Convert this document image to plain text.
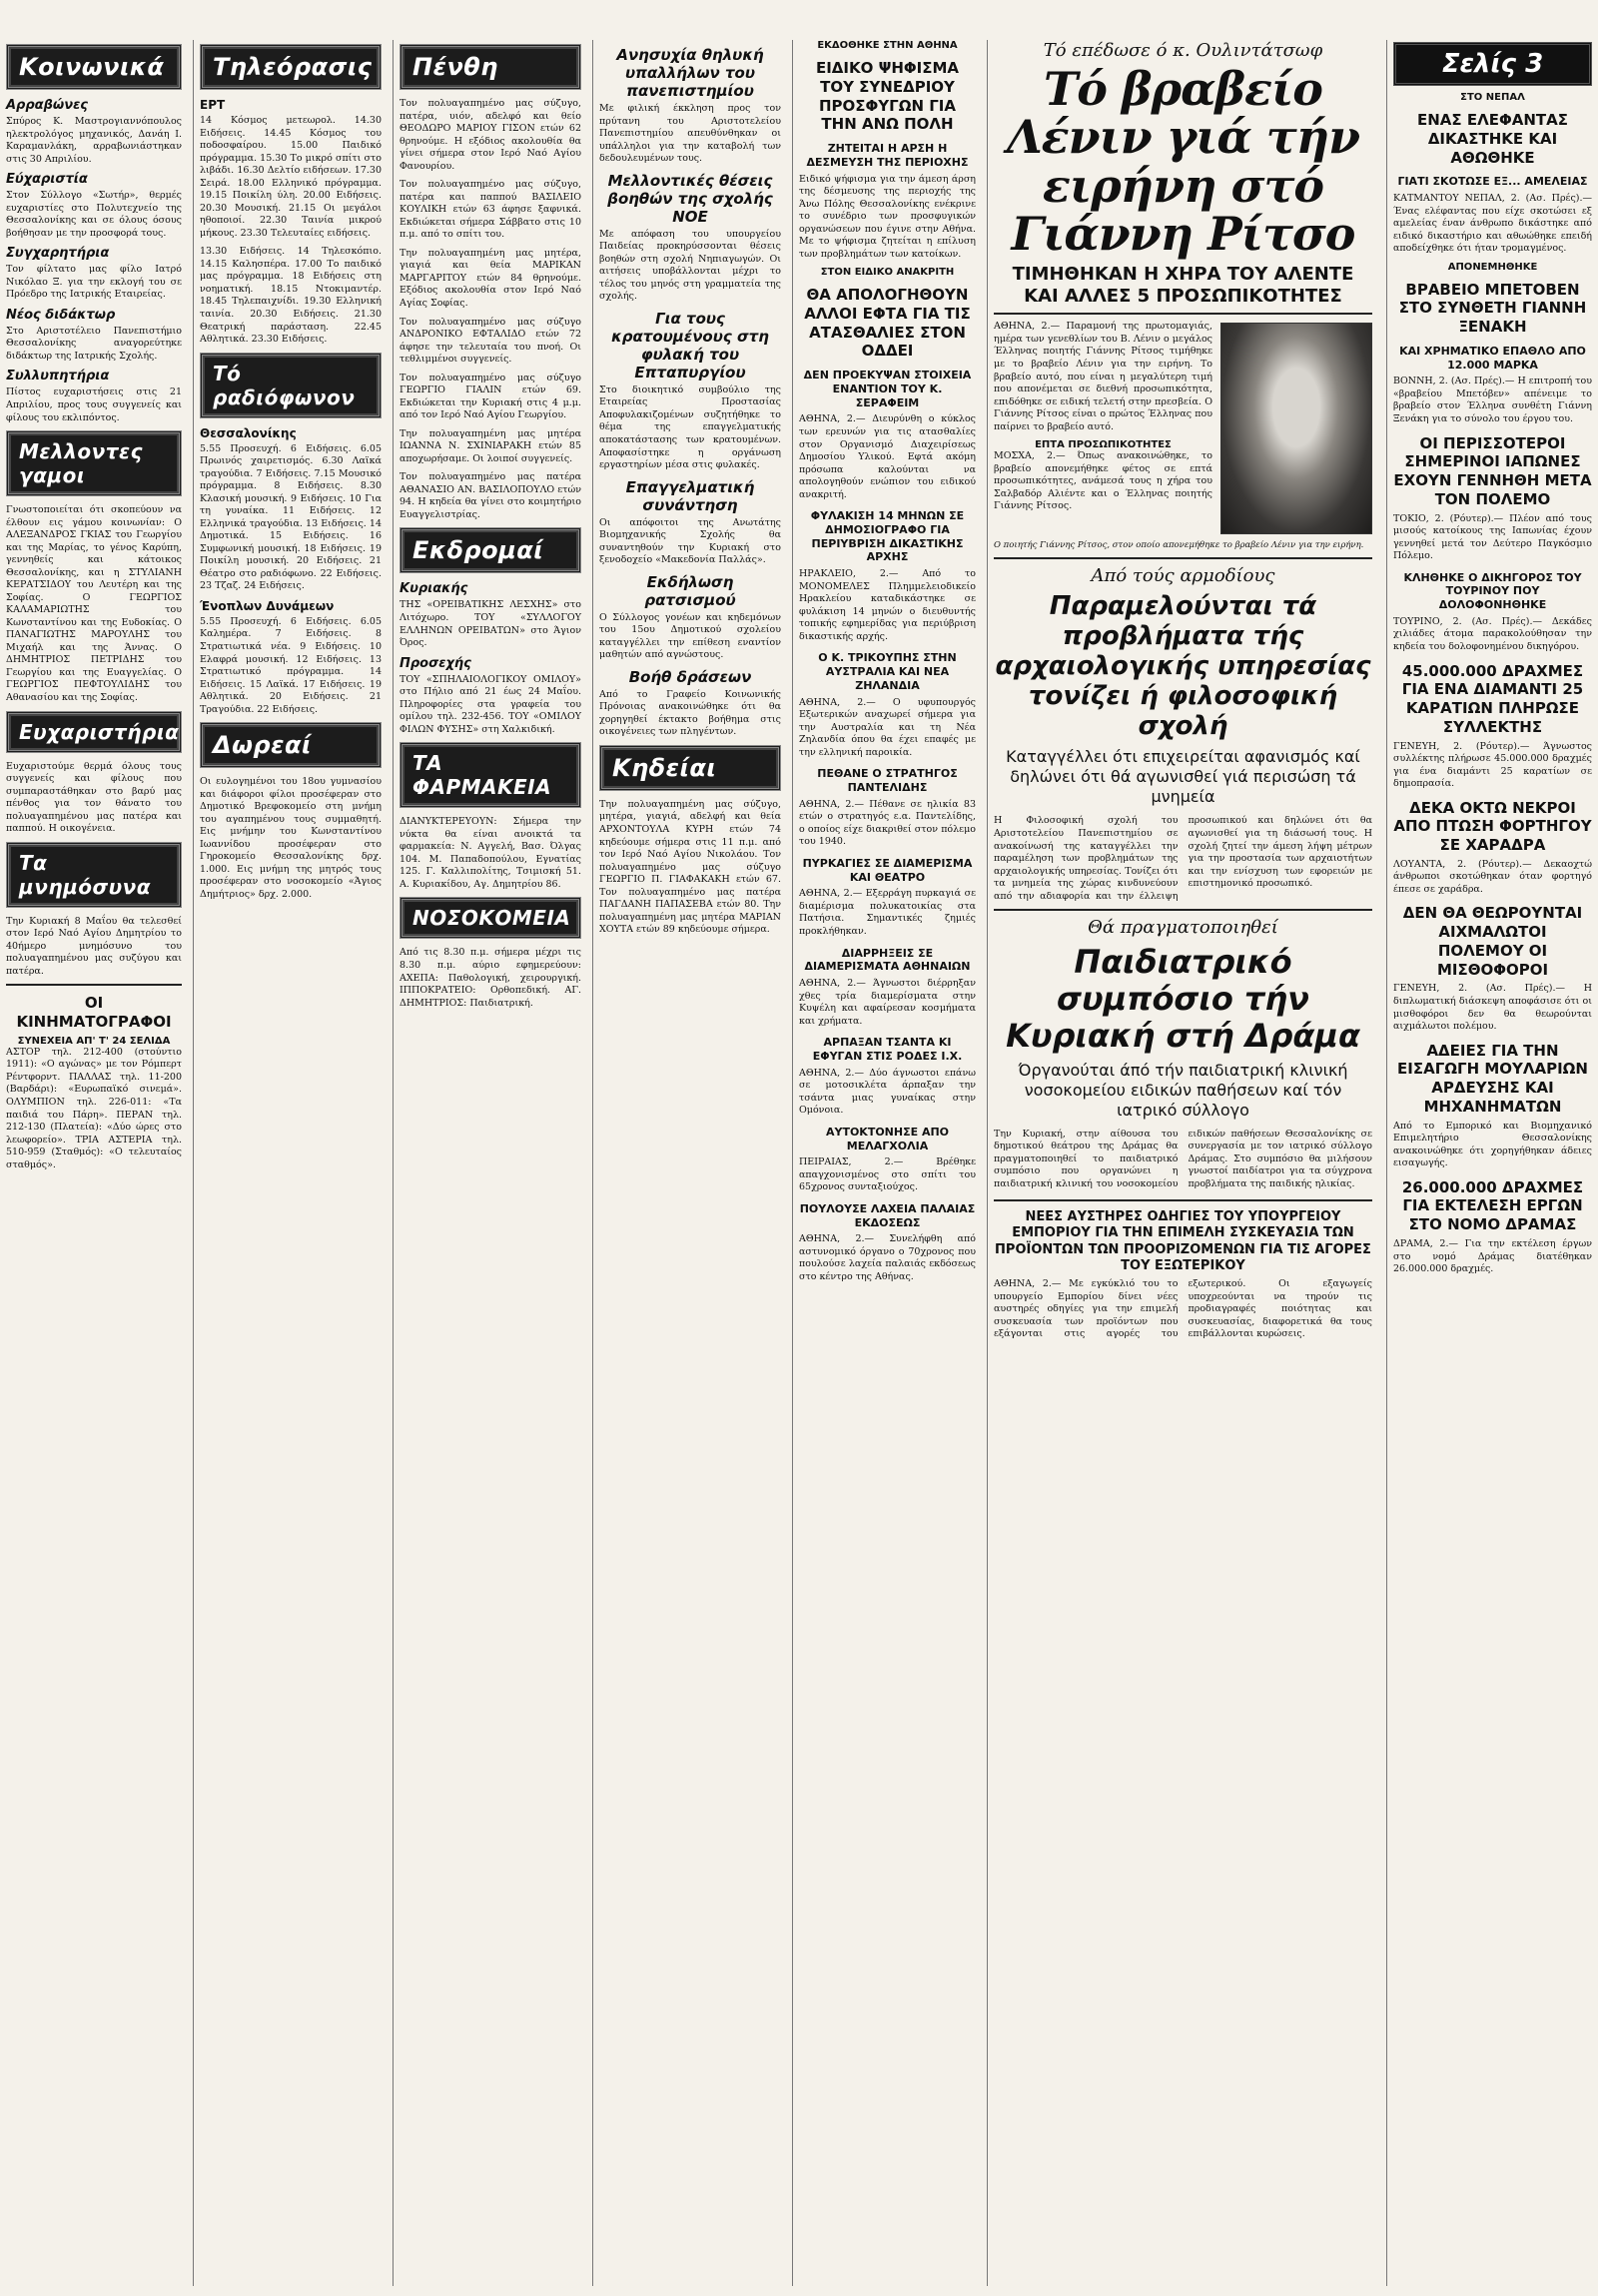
Κοινωνικά
Αρραβώνες

Σπύρος Κ. Μαστρογιαννόπουλος ηλεκτρολόγος μηχανικός, Δανάη Ι. Καραμανλάκη, αρραβωνιάστηκαν στις 30 Απριλίου.

Εύχαριστία

Στον Σύλλογο «Σωτήρ», θερμές ευχαριστίες στο Πολυτεχνείο της Θεσσαλονίκης και σε όλους όσους βοήθησαν με την προσφορά τους.

Συγχαρητήρια

Τον φίλτατο μας φίλο Ιατρό Νικόλαο Ξ. για την εκλογή του σε Πρόεδρο της Ιατρικής Εταιρείας.

Νέος διδάκτωρ

Στο Αριστοτέλειο Πανεπιστήμιο Θεσσαλονίκης αναγορεύτηκε διδάκτωρ της Ιατρικής Σχολής.

Συλλυπητήρια

Πίστος ευχαριστήσεις στις 21 Απριλίου, προς τους συγγενείς και φίλους του εκλιπόντος.

Μελλοντες γαμοι

Γνωστοποιείται ότι σκοπεύουν να έλθουν εις γάμου κοινωνίαν: Ο ΑΛΕΞΑΝΔΡΟΣ ΓΚΙΑΣ του Γεωργίου και της Μαρίας, το γένος Καρύπη, γεννηθείς και κάτοικος Θεσσαλονίκης, και η ΣΤΥΛΙΑΝΗ ΚΕΡΑΤΣΙΔΟΥ του Λευτέρη και της Σοφίας. Ο ΓΕΩΡΓΙΟΣ ΚΑΛΑΜΑΡΙΩΤΗΣ του Κωνσταντίνου και της Ευδοκίας. Ο ΠΑΝΑΓΙΩΤΗΣ ΜΑΡΟΥΛΗΣ του Μιχαήλ και της Άννας. Ο ΔΗΜΗΤΡΙΟΣ ΠΕΤΡΙΔΗΣ του Γεωργίου και της Ευαγγελίας. Ο ΓΕΩΡΓΙΟΣ ΠΕΦΤΟΥΛΙΔΗΣ του Αθανασίου και της Σοφίας.

Ευχαριστήρια

Ευχαριστούμε θερμά όλους τους συγγενείς και φίλους που συμπαραστάθηκαν στο βαρύ μας πένθος για τον θάνατο του πολυαγαπημένου μας πατέρα και παππού. Η οικογένεια.

Τα μνημόσυνα

Την Κυριακή 8 Μαΐου θα τελεσθεί στον Ιερό Ναό Αγίου Δημητρίου το 40ήμερο μνημόσυνο του πολυαγαπημένου μας συζύγου και πατέρα.

ΟΙ ΚΙΝΗΜΑΤΟΓΡΑΦΟΙ
ΣΥΝΕΧΕΙΑ ΑΠ' Τ' 24 ΣΕΛΙΔΑ

ΑΣΤΟΡ τηλ. 212-400 (στούντιο 1911): «Ο αγώνας» με τον Ρόμπερτ Ρέντφορντ. ΠΑΛΛΑΣ τηλ. 11-200 (Βαρδάρι): «Ευρωπαϊκό σινεμά». ΟΛΥΜΠΙΟΝ τηλ. 226-011: «Τα παιδιά του Πάρη». ΠΕΡΑΝ τηλ. 212-130 (Πλατεία): «Δύο ώρες στο λεωφορείο». ΤΡΙΑ ΑΣΤΕΡΙΑ τηλ. 510-959 (Σταθμός): «Ο τελευταίος σταθμός».

Τηλεόρασις
ΕΡΤ

14 Κόσμος μετεωρολ. 14.30 Ειδήσεις. 14.45 Κόσμος του ποδοσφαίρου. 15.00 Παιδικό πρόγραμμα. 15.30 Το μικρό σπίτι στο λιβάδι. 16.30 Δελτίο ειδήσεων. 17.30 Σειρά. 18.00 Ελληνικό πρόγραμμα. 19.15 Ποικίλη ύλη. 20.00 Ειδήσεις. 20.30 Μουσική. 21.15 Οι μεγάλοι ηθοποιοί. 22.30 Ταινία μικρού μήκους. 23.30 Τελευταίες ειδήσεις.

13.30 Ειδήσεις. 14 Τηλεσκόπιο. 14.15 Καλησπέρα. 17.00 Το παιδικό μας πρόγραμμα. 18 Ειδήσεις στη νοηματική. 18.15 Ντοκιμαντέρ. 18.45 Τηλεπαιχνίδι. 19.30 Ελληνική ταινία. 20.30 Ειδήσεις. 21.30 Θεατρική παράσταση. 22.45 Αθλητικά. 23.30 Ειδήσεις.

Τό ραδιόφωνον
Θεσσαλονίκης

5.55 Προσευχή. 6 Ειδήσεις. 6.05 Πρωινός χαιρετισμός. 6.30 Λαϊκά τραγούδια. 7 Ειδήσεις. 7.15 Μουσικό πρόγραμμα. 8 Ειδήσεις. 8.30 Κλασική μουσική. 9 Ειδήσεις. 10 Για τη γυναίκα. 11 Ειδήσεις. 12 Ελληνικά τραγούδια. 13 Ειδήσεις. 14 Δημοτικά. 15 Ειδήσεις. 16 Συμφωνική μουσική. 18 Ειδήσεις. 19 Ποικίλη μουσική. 20 Ειδήσεις. 21 Θέατρο στο ραδιόφωνο. 22 Ειδήσεις. 23 Τζαζ. 24 Ειδήσεις.

Ένοπλων Δυνάμεων

5.55 Προσευχή. 6 Ειδήσεις. 6.05 Καλημέρα. 7 Ειδήσεις. 8 Στρατιωτικά νέα. 9 Ειδήσεις. 10 Ελαφρά μουσική. 12 Ειδήσεις. 13 Στρατιωτικό πρόγραμμα. 14 Ειδήσεις. 15 Λαϊκά. 17 Ειδήσεις. 19 Αθλητικά. 20 Ειδήσεις. 21 Τραγούδια. 22 Ειδήσεις.

Δωρεαί

Οι ευλογημένοι του 18ου γυμνασίου και διάφοροι φίλοι προσέφεραν στο Δημοτικό Βρεφοκομείο στη μνήμη του αγαπημένου τους συμμαθητή. Εις μνήμην του Κωνσταντίνου Ιωαννίδου προσέφεραν στο Γηροκομείο Θεσσαλονίκης δρχ. 1.000. Εις μνήμη της μητρός τους προσέφεραν στο νοσοκομείο «Άγιος Δημήτριος» δρχ. 2.000.

Πένθη

Τον πολυαγαπημένο μας σύζυγο, πατέρα, υιόν, αδελφό και θείο ΘΕΟΔΩΡΟ ΜΑΡΙΟΥ ΓΙΣΟΝ ετών 62 θρηνούμε. Η εξόδιος ακολουθία θα γίνει σήμερα στον Ιερό Ναό Αγίου Φανουρίου.

Τον πολυαγαπημένο μας σύζυγο, πατέρα και παππού ΒΑΣΙΛΕΙΟ ΚΟΥΛΙΚΗ ετών 63 άφησε ξαφνικά. Εκδιώκεται σήμερα Σάββατο στις 10 π.μ. από το σπίτι του.

Την πολυαγαπημένη μας μητέρα, γιαγιά και θεία ΜΑΡΙΚΑΝ ΜΑΡΓΑΡΙΤΟΥ ετών 84 θρηνούμε. Εξόδιος ακολουθία στον Ιερό Ναό Αγίας Σοφίας.

Τον πολυαγαπημένο μας σύζυγο ΑΝΔΡΟΝΙΚΟ ΕΦΤΑΛΙΔΟ ετών 72 άφησε την τελευταία του πνοή. Οι τεθλιμμένοι συγγενείς.

Τον πολυαγαπημένο μας σύζυγο ΓΕΩΡΓΙΟ ΓΙΑΛΙΝ ετών 69. Εκδιώκεται την Κυριακή στις 4 μ.μ. από τον Ιερό Ναό Αγίου Γεωργίου.

Την πολυαγαπημένη μας μητέρα ΙΩΑΝΝΑ Ν. ΣΧΙΝΙΑΡΑΚΗ ετών 85 αποχωρήσαμε. Οι λοιποί συγγενείς.

Τον πολυαγαπημένο μας πατέρα ΑΘΑΝΑΣΙΟ ΑΝ. ΒΑΣΙΛΟΠΟΥΛΟ ετών 94. Η κηδεία θα γίνει στο κοιμητήριο Ευαγγελιστρίας.

Εκδρομαί
Κυριακής

ΤΗΣ «ΟΡΕΙΒΑΤΙΚΗΣ ΛΕΣΧΗΣ» στο Λιτόχωρο. ΤΟΥ «ΣΥΛΛΟΓΟΥ ΕΛΛΗΝΩΝ ΟΡΕΙΒΑΤΩΝ» στο Άγιον Όρος.

Προσεχής

ΤΟΥ «ΣΠΗΛΑΙΟΛΟΓΙΚΟΥ ΟΜΙΛΟΥ» στο Πήλιο από 21 έως 24 Μαΐου. Πληροφορίες στα γραφεία του ομίλου τηλ. 232-456. ΤΟΥ «ΟΜΙΛΟΥ ΦΙΛΩΝ ΦΥΣΗΣ» στη Χαλκιδική.

ΤΑ ΦΑΡΜΑΚΕΙΑ

ΔΙΑΝΥΚΤΕΡΕΥΟΥΝ: Σήμερα την νύκτα θα είναι ανοικτά τα φαρμακεία: Ν. Αγγελή, Βασ. Όλγας 104. Μ. Παπαδοπούλου, Εγνατίας 125. Γ. Καλλιπολίτης, Τσιμισκή 51. Α. Κυριακίδου, Αγ. Δημητρίου 86.

ΝΟΣΟΚΟΜΕΙΑ

Από τις 8.30 π.μ. σήμερα μέχρι τις 8.30 π.μ. αύριο εφημερεύουν: ΑΧΕΠΑ: Παθολογική, χειρουργική. ΙΠΠΟΚΡΑΤΕΙΟ: Ορθοπεδική. ΑΓ. ΔΗΜΗΤΡΙΟΣ: Παιδιατρική.

Ανησυχία θηλυκή υπαλλήλων του πανεπιστημίου

Με φιλική έκκληση προς τον πρύτανη του Αριστοτελείου Πανεπιστημίου απευθύνθηκαν οι υπάλληλοι για την καταβολή των δεδουλευμένων τους.

Μελλοντικές θέσεις βοηθών της σχολής ΝΟΕ

Με απόφαση του υπουργείου Παιδείας προκηρύσσονται θέσεις βοηθών στη σχολή Νηπιαγωγών. Οι αιτήσεις υποβάλλονται μέχρι το τέλος του μηνός στη γραμματεία της σχολής.

Για τους κρατουμένους στη φυλακή του Επταπυργίου

Στο διοικητικό συμβούλιο της Εταιρείας Προστασίας Αποφυλακιζομένων συζητήθηκε το θέμα της επαγγελματικής αποκατάστασης των κρατουμένων. Αποφασίστηκε η οργάνωση εργαστηρίων μέσα στις φυλακές.

Επαγγελματική συνάντηση

Οι απόφοιτοι της Ανωτάτης Βιομηχανικής Σχολής θα συναντηθούν την Κυριακή στο ξενοδοχείο «Μακεδονία Παλλάς».

Εκδήλωση ρατσισμού

Ο Σύλλογος γονέων και κηδεμόνων του 15ου Δημοτικού σχολείου καταγγέλλει την επίθεση εναντίον μαθητών από αγνώστους.

Βοήθ δράσεων

Από το Γραφείο Κοινωνικής Πρόνοιας ανακοινώθηκε ότι θα χορηγηθεί έκτακτο βοήθημα στις οικογένειες των πληγέντων.

Κηδείαι

Την πολυαγαπημένη μας σύζυγο, μητέρα, γιαγιά, αδελφή και θεία ΑΡΧΟΝΤΟΥΛΑ ΚΥΡΗ ετών 74 κηδεύουμε σήμερα στις 11 π.μ. από τον Ιερό Ναό Αγίου Νικολάου. Τον πολυαγαπημένο μας σύζυγο ΓΕΩΡΓΙΟ Π. ΓΙΑΦΑΚΑΚΗ ετών 67. Τον πολυαγαπημένο μας πατέρα ΠΑΓΔΑΝΗ ΠΑΠΑΣΕΒΑ ετών 80. Την πολυαγαπημένη μας μητέρα ΜΑΡΙΑΝ ΧΟΥΤΑ ετών 89 κηδεύουμε σήμερα.

ΕΚΔΟΘΗΚΕ ΣΤΗΝ ΑΘΗΝΑ
ΕΙΔΙΚΟ ΨΗΦΙΣΜΑ ΤΟΥ ΣΥΝΕΔΡΙΟΥ ΠΡΟΣΦΥΓΩΝ ΓΙΑ ΤΗΝ ΑΝΩ ΠΟΛΗ
ΖΗΤΕΙΤΑΙ Η ΑΡΣΗ Η ΔΕΣΜΕΥΣΗ ΤΗΣ ΠΕΡΙΟΧΗΣ

Ειδικό ψήφισμα για την άμεση άρση της δέσμευσης της περιοχής της Άνω Πόλης Θεσσαλονίκης ενέκρινε το συνέδριο των προσφυγικών οργανώσεων που έγινε στην Αθήνα. Με το ψήφισμα ζητείται η επίλυση των προβλημάτων των κατοίκων.

ΣΤΟΝ ΕΙΔΙΚΟ ΑΝΑΚΡΙΤΗ
ΘΑ ΑΠΟΛΟΓΗΘΟΥΝ ΑΛΛΟΙ ΕΦΤΑ ΓΙΑ ΤΙΣ ΑΤΑΣΘΑΛΙΕΣ ΣΤΟΝ ΟΔΔΕΙ
ΔΕΝ ΠΡΟΕΚΥΨΑΝ ΣΤΟΙΧΕΙΑ ΕΝΑΝΤΙΟΝ ΤΟΥ Κ. ΣΕΡΑΦΕΙΜ

ΑΘΗΝΑ, 2.— Διευρύνθη ο κύκλος των ερευνών για τις ατασθαλίες στον Οργανισμό Διαχειρίσεως Δημοσίου Υλικού. Εφτά ακόμη πρόσωπα καλούνται να απολογηθούν ενώπιον του ειδικού ανακριτή.

ΦΥΛΑΚΙΣΗ 14 ΜΗΝΩΝ ΣΕ ΔΗΜΟΣΙΟΓΡΑΦΟ ΓΙΑ ΠΕΡΙΥΒΡΙΣΗ ΔΙΚΑΣΤΙΚΗΣ ΑΡΧΗΣ

ΗΡΑΚΛΕΙΟ, 2.— Από το ΜΟΝΟΜΕΛΕΣ Πλημμελειοδικείο Ηρακλείου καταδικάστηκε σε φυλάκιση 14 μηνών ο διευθυντής τοπικής εφημερίδας για περιύβριση δικαστικής αρχής.

Ο Κ. ΤΡΙΚΟΥΠΗΣ ΣΤΗΝ ΑΥΣΤΡΑΛΙΑ ΚΑΙ ΝΕΑ ΖΗΛΑΝΔΙΑ

ΑΘΗΝΑ, 2.— Ο υφυπουργός Εξωτερικών αναχωρεί σήμερα για την Αυστραλία και τη Νέα Ζηλανδία όπου θα έχει επαφές με την ελληνική παροικία.

ΠΕΘΑΝΕ Ο ΣΤΡΑΤΗΓΟΣ ΠΑΝΤΕΛΙΔΗΣ

ΑΘΗΝΑ, 2.— Πέθανε σε ηλικία 83 ετών ο στρατηγός ε.α. Παντελίδης, ο οποίος είχε διακριθεί στον πόλεμο του 1940.

ΠΥΡΚΑΓΙΕΣ ΣΕ ΔΙΑΜΕΡΙΣΜΑ ΚΑΙ ΘΕΑΤΡΟ

ΑΘΗΝΑ, 2.— Εξερράγη πυρκαγιά σε διαμέρισμα πολυκατοικίας στα Πατήσια. Σημαντικές ζημιές προκλήθηκαν.

ΔΙΑΡΡΗΞΕΙΣ ΣΕ ΔΙΑΜΕΡΙΣΜΑΤΑ ΑΘΗΝΑΙΩΝ

ΑΘΗΝΑ, 2.— Άγνωστοι διέρρηξαν χθες τρία διαμερίσματα στην Κυψέλη και αφαίρεσαν κοσμήματα και χρήματα.

ΑΡΠΑΞΑΝ ΤΣΑΝΤΑ ΚΙ ΕΦΥΓΑΝ ΣΤΙΣ ΡΟΔΕΣ Ι.Χ.

ΑΘΗΝΑ, 2.— Δύο άγνωστοι επάνω σε μοτοσικλέτα άρπαξαν την τσάντα μιας γυναίκας στην Ομόνοια.

ΑΥΤΟΚΤΟΝΗΣΕ ΑΠΟ ΜΕΛΑΓΧΟΛΙΑ

ΠΕΙΡΑΙΑΣ, 2.— Βρέθηκε απαγχονισμένος στο σπίτι του 65χρονος συνταξιούχος.

ΠΟΥΛΟΥΣΕ ΛΑΧΕΙΑ ΠΑΛΑΙΑΣ ΕΚΔΟΣΕΩΣ

ΑΘΗΝΑ, 2.— Συνελήφθη από αστυνομικό όργανο ο 70χρονος που πουλούσε λαχεία παλαιάς εκδόσεως στο κέντρο της Αθήνας.

Τό επέδωσε ό κ. Ουλιντάτσωφ
Τό βραβείο Λένιν γιά τήν ειρήνη στό Γιάννη Ρίτσο
ΤΙΜΗΘΗΚΑΝ Η ΧΗΡΑ ΤΟΥ ΑΛΕΝΤΕ ΚΑΙ ΑΛΛΕΣ 5 ΠΡΟΣΩΠΙΚΟΤΗΤΕΣ

ΑΘΗΝΑ, 2.— Παραμονή της πρωτομαγιάς, ημέρα των γενεθλίων του Β. Λένιν ο μεγάλος Έλληνας ποιητής Γιάννης Ρίτσος τιμήθηκε με το βραβείο Λένιν για την ειρήνη. Το βραβείο αυτό, που είναι η μεγαλύτερη τιμή που απονέμεται σε διεθνή προσωπικότητα, επιδόθηκε σε ειδική τελετή στην πρεσβεία. Ο Γιάννης Ρίτσος είναι ο πρώτος Έλληνας που παίρνει το βραβείο αυτό.

ΕΠΤΑ ΠΡΟΣΩΠΙΚΟΤΗΤΕΣ

ΜΟΣΧΑ, 2.— Όπως ανακοινώθηκε, το βραβείο απονεμήθηκε φέτος σε επτά προσωπικότητες, ανάμεσά τους η χήρα του Σαλβαδόρ Αλιέντε και ο Έλληνας ποιητής Γιάννης Ρίτσος.

Ο ποιητής Γιάννης Ρίτσος, στον οποίο απονεμήθηκε το βραβείο Λένιν για την ειρήνη.
Από τούς αρμοδίους
Παραμελούνται τά προβλήματα τής αρχαιολογικής υπηρεσίας τονίζει ή φιλοσοφική σχολή
Καταγγέλλει ότι επιχειρείται αφανισμός καί δηλώνει ότι θά αγωνισθεί γιά περισώση τά μνημεία

Η Φιλοσοφική σχολή του Αριστοτελείου Πανεπιστημίου σε ανακοίνωσή της καταγγέλλει την παραμέληση των προβλημάτων της αρχαιολογικής υπηρεσίας. Τονίζει ότι τα μνημεία της χώρας κινδυνεύουν από την αδιαφορία και την έλλειψη προσωπικού και δηλώνει ότι θα αγωνισθεί για τη διάσωσή τους. Η σχολή ζητεί την άμεση λήψη μέτρων για την προστασία των αρχαιοτήτων και την ενίσχυση των εφορειών με επιστημονικό προσωπικό.

Θά πραγματοποιηθεί
Παιδιατρικό συμπόσιο τήν Κυριακή στή Δράμα
Όργανούται άπό τήν παιδιατρική κλινική νοσοκομείου ειδικών παθήσεων καί τόν ιατρικό σύλλογο

Την Κυριακή, στην αίθουσα του δημοτικού θεάτρου της Δράμας θα πραγματοποιηθεί το παιδιατρικό συμπόσιο που οργανώνει η παιδιατρική κλινική του νοσοκομείου ειδικών παθήσεων Θεσσαλονίκης σε συνεργασία με τον ιατρικό σύλλογο Δράμας. Στο συμπόσιο θα μιλήσουν γνωστοί παιδίατροι για τα σύγχρονα προβλήματα της παιδικής ηλικίας.

ΝΕΕΣ ΑΥΣΤΗΡΕΣ ΟΔΗΓΙΕΣ ΤΟΥ ΥΠΟΥΡΓΕΙΟΥ ΕΜΠΟΡΙΟΥ ΓΙΑ ΤΗΝ ΕΠΙΜΕΛΗ ΣΥΣΚΕΥΑΣΙΑ ΤΩΝ ΠΡΟΪΟΝΤΩΝ ΤΩΝ ΠΡΟΟΡΙΖΟΜΕΝΩΝ ΓΙΑ ΤΙΣ ΑΓΟΡΕΣ ΤΟΥ ΕΞΩΤΕΡΙΚΟΥ

ΑΘΗΝΑ, 2.— Με εγκύκλιό του το υπουργείο Εμπορίου δίνει νέες αυστηρές οδηγίες για την επιμελή συσκευασία των προϊόντων που εξάγονται στις αγορές του εξωτερικού. Οι εξαγωγείς υποχρεούνται να τηρούν τις προδιαγραφές ποιότητας και συσκευασίας, διαφορετικά θα τους επιβάλλονται κυρώσεις.

Σελίς 3
ΣΤΟ ΝΕΠΑΛ
ΕΝΑΣ ΕΛΕΦΑΝΤΑΣ ΔΙΚΑΣΤΗΚΕ ΚΑΙ ΑΘΩΘΗΚΕ
ΓΙΑΤΙ ΣΚΟΤΩΣΕ ΕΞ... ΑΜΕΛΕΙΑΣ

ΚΑΤΜΑΝΤΟΥ ΝΕΠΑΛ, 2. (Ασ. Πρές).— Ένας ελέφαντας που είχε σκοτώσει εξ αμελείας έναν άνθρωπο δικάστηκε από ειδικό δικαστήριο και αθωώθηκε επειδή αποδείχθηκε ότι ήταν τρομαγμένος.

ΑΠΟΝΕΜΗΘΗΚΕ
ΒΡΑΒΕΙΟ ΜΠΕΤΟΒΕΝ ΣΤΟ ΣΥΝΘΕΤΗ ΓΙΑΝΝΗ ΞΕΝΑΚΗ
ΚΑΙ ΧΡΗΜΑΤΙΚΟ ΕΠΑΘΛΟ ΑΠΟ 12.000 ΜΑΡΚΑ

ΒΟΝΝΗ, 2. (Ασ. Πρές).— Η επιτροπή του «βραβείου Μπετόβεν» απένειμε το βραβείο στον Έλληνα συνθέτη Γιάννη Ξενάκη για το σύνολο του έργου του.

ΟΙ ΠΕΡΙΣΣΟΤΕΡΟΙ ΣΗΜΕΡΙΝΟΙ ΙΑΠΩΝΕΣ ΕΧΟΥΝ ΓΕΝΝΗΘΗ ΜΕΤΑ ΤΟΝ ΠΟΛΕΜΟ

ΤΟΚΙΟ, 2. (Ρόυτερ).— Πλέον από τους μισούς κατοίκους της Ιαπωνίας έχουν γεννηθεί μετά τον Δεύτερο Παγκόσμιο Πόλεμο.

ΚΛΗΘΗΚΕ Ο ΔΙΚΗΓΟΡΟΣ ΤΟΥ ΤΟΥΡΙΝΟΥ ΠΟΥ ΔΟΛΟΦΟΝΗΘΗΚΕ

ΤΟΥΡΙΝΟ, 2. (Ασ. Πρές).— Δεκάδες χιλιάδες άτομα παρακολούθησαν την κηδεία του δολοφονημένου δικηγόρου.

45.000.000 ΔΡΑΧΜΕΣ ΓΙΑ ΕΝΑ ΔΙΑΜΑΝΤΙ 25 ΚΑΡΑΤΙΩΝ ΠΛΗΡΩΣΕ ΣΥΛΛΕΚΤΗΣ

ΓΕΝΕΥΗ, 2. (Ρόυτερ).— Άγνωστος συλλέκτης πλήρωσε 45.000.000 δραχμές για ένα διαμάντι 25 καρατίων σε δημοπρασία.

ΔΕΚΑ ΟΚΤΩ ΝΕΚΡΟΙ ΑΠΟ ΠΤΩΣΗ ΦΟΡΤΗΓΟΥ ΣΕ ΧΑΡΑΔΡΑ

ΛΟΥΑΝΤΑ, 2. (Ρόυτερ).— Δεκαοχτώ άνθρωποι σκοτώθηκαν όταν φορτηγό έπεσε σε χαράδρα.

ΔΕΝ ΘΑ ΘΕΩΡΟΥΝΤΑΙ ΑΙΧΜΑΛΩΤΟΙ ΠΟΛΕΜΟΥ ΟΙ ΜΙΣΘΟΦΟΡΟΙ

ΓΕΝΕΥΗ, 2. (Ασ. Πρές).— Η διπλωματική διάσκεψη αποφάσισε ότι οι μισθοφόροι δεν θα θεωρούνται αιχμάλωτοι πολέμου.

ΑΔΕΙΕΣ ΓΙΑ ΤΗΝ ΕΙΣΑΓΩΓΗ ΜΟΥΛΑΡΙΩΝ ΑΡΔΕΥΣΗΣ ΚΑΙ ΜΗΧΑΝΗΜΑΤΩΝ

Από το Εμπορικό και Βιομηχανικό Επιμελητήριο Θεσσαλονίκης ανακοινώθηκε ότι χορηγήθηκαν άδειες εισαγωγής.

26.000.000 ΔΡΑΧΜΕΣ ΓΙΑ ΕΚΤΕΛΕΣΗ ΕΡΓΩΝ ΣΤΟ ΝΟΜΟ ΔΡΑΜΑΣ

ΔΡΑΜΑ, 2.— Για την εκτέλεση έργων στο νομό Δράμας διατέθηκαν 26.000.000 δραχμές.
